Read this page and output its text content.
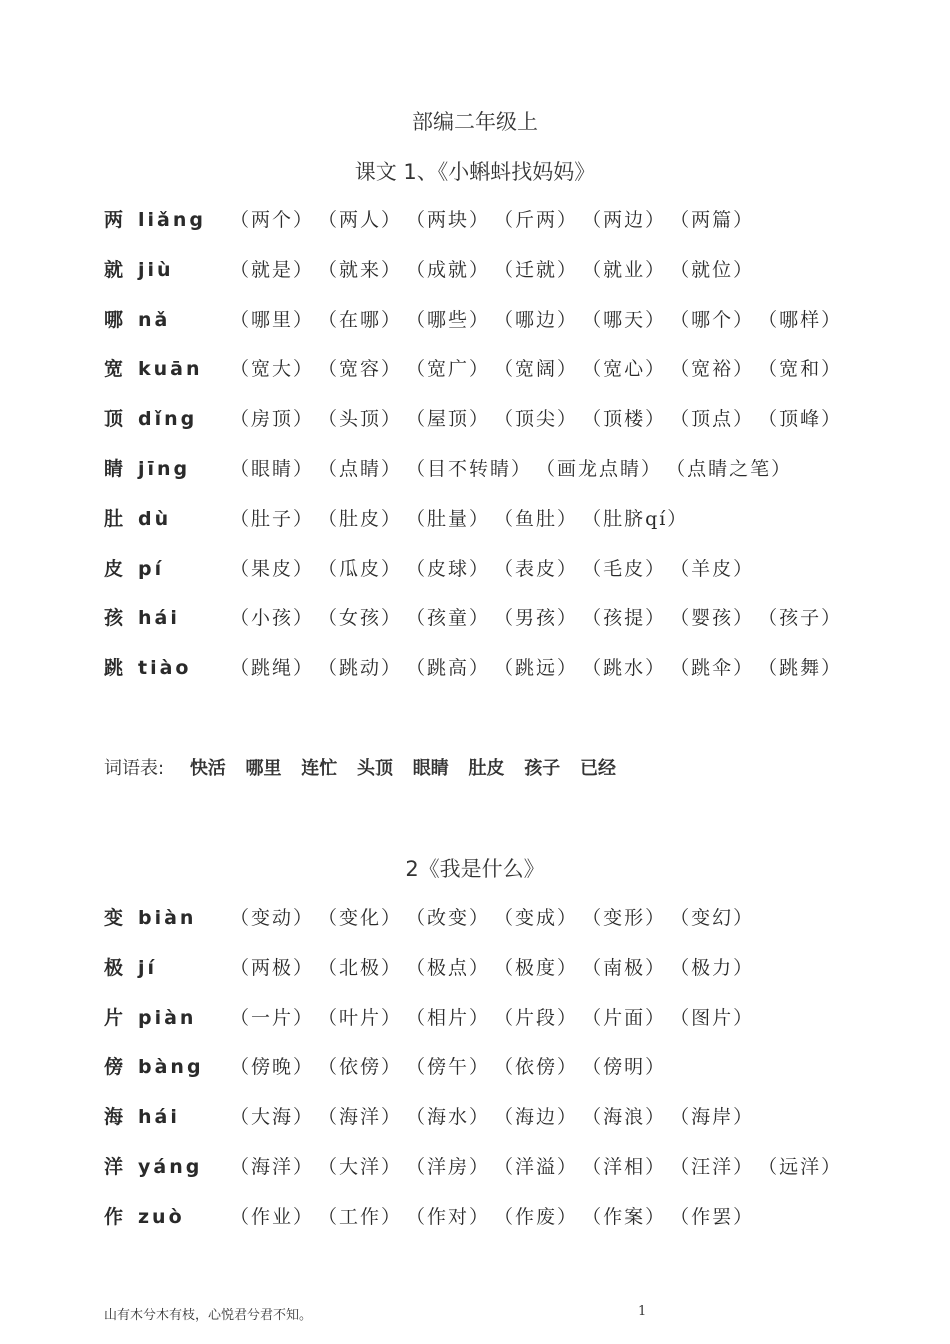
部编二年级上
课文 1、《小蝌蚪找妈妈》
两 liǎng （两个） （两人） （两块） （斤两） （两边） （两篇）
就 jiù	（就是） （就来） （成就） （迁就） （就业） （就位）
哪 nǎ	（哪里） （在哪） （哪些） （哪边） （哪天） （哪个） （哪样）
宽 kuān （宽大） （宽容） （宽广） （宽阔） （宽心） （宽裕） （宽和）
顶 dǐng （房顶） （头顶） （屋顶） （顶尖） （顶楼） （顶点） （顶峰）
睛 jīng （眼睛） （点睛） （目不转睛） （画龙点睛） （点睛之笔）
肚 dù	（肚子） （肚皮） （肚量） （鱼肚） （肚脐qí）
皮 pí	（果皮） （瓜皮） （皮球） （表皮） （毛皮） （羊皮）
孩 hái	（小孩） （女孩） （孩童） （男孩） （孩提） （婴孩） （孩子）
跳 tiào （跳绳） （跳动） （跳高） （跳远） （跳水） （跳伞） （跳舞）
词语表: 快活 哪里 连忙 头顶 眼睛 肚皮 孩子 已经
2《我是什么》
变 biàn （变动） （变化） （改变） （变成） （变形） （变幻）
极 jí	（两极） （北极） （极点） （极度） （南极） （极力）
片 piàn （一片） （叶片） （相片） （片段） （片面） （图片）
傍 bàng （傍晚） （依傍） （傍午） （依傍） （傍明）
海 hái	（大海） （海洋） （海水） （海边） （海浪） （海岸）
洋 yáng （海洋） （大洋） （洋房） （洋溢） （洋相） （汪洋） （远洋）
作 zuò （作业） （工作） （作对） （作废） （作案） （作罢）
山有木兮木有枝，心悦君兮君不知。	1
